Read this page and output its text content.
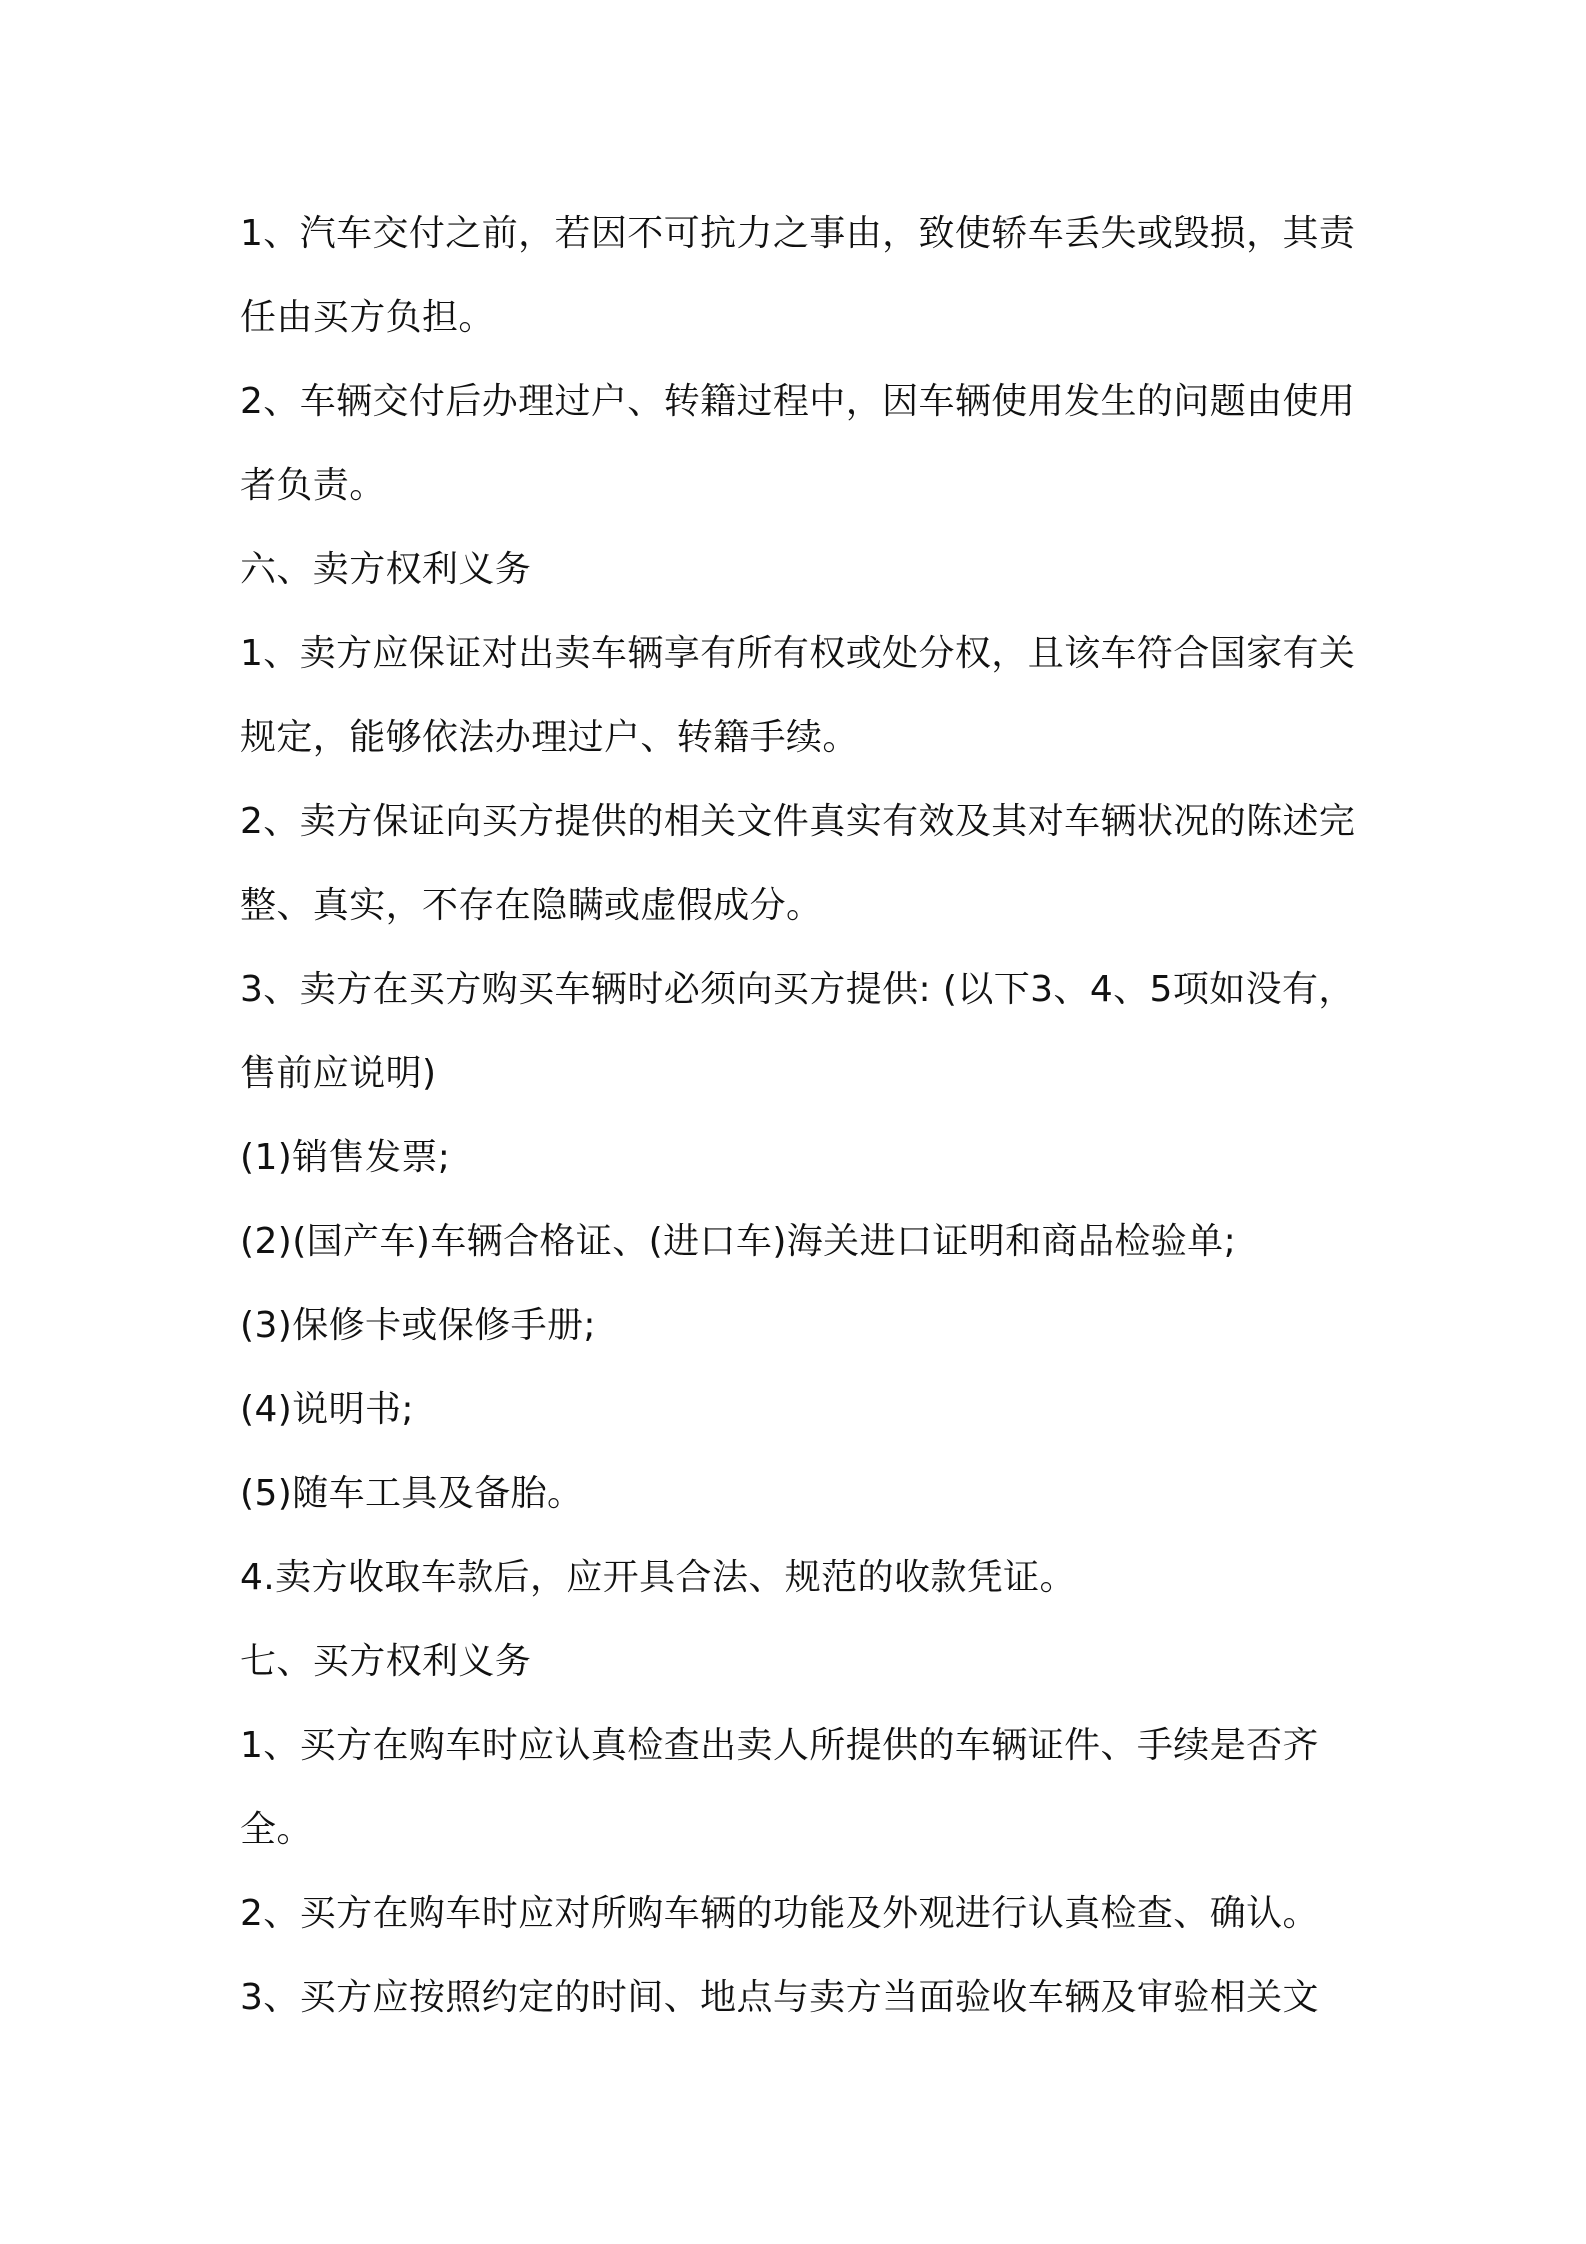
1、汽车交付之前，若因不可抗力之事由，致使轿车丢失或毁损，其责任由买方负担。

2、车辆交付后办理过户、转籍过程中，因车辆使用发生的问题由使用者负责。

六、卖方权利义务

1、卖方应保证对出卖车辆享有所有权或处分权，且该车符合国家有关规定，能够依法办理过户、转籍手续。

2、卖方保证向买方提供的相关文件真实有效及其对车辆状况的陈述完整、真实，不存在隐瞒或虚假成分。

3、卖方在买方购买车辆时必须向买方提供: (以下3、4、5项如没有，售前应说明)

(1)销售发票;

(2)(国产车)车辆合格证、(进口车)海关进口证明和商品检验单;

(3)保修卡或保修手册;

(4)说明书;

(5)随车工具及备胎。

4.卖方收取车款后，应开具合法、规范的收款凭证。

七、买方权利义务

1、买方在购车时应认真检查出卖人所提供的车辆证件、手续是否齐全。

2、买方在购车时应对所购车辆的功能及外观进行认真检查、确认。

3、买方应按照约定的时间、地点与卖方当面验收车辆及审验相关文
